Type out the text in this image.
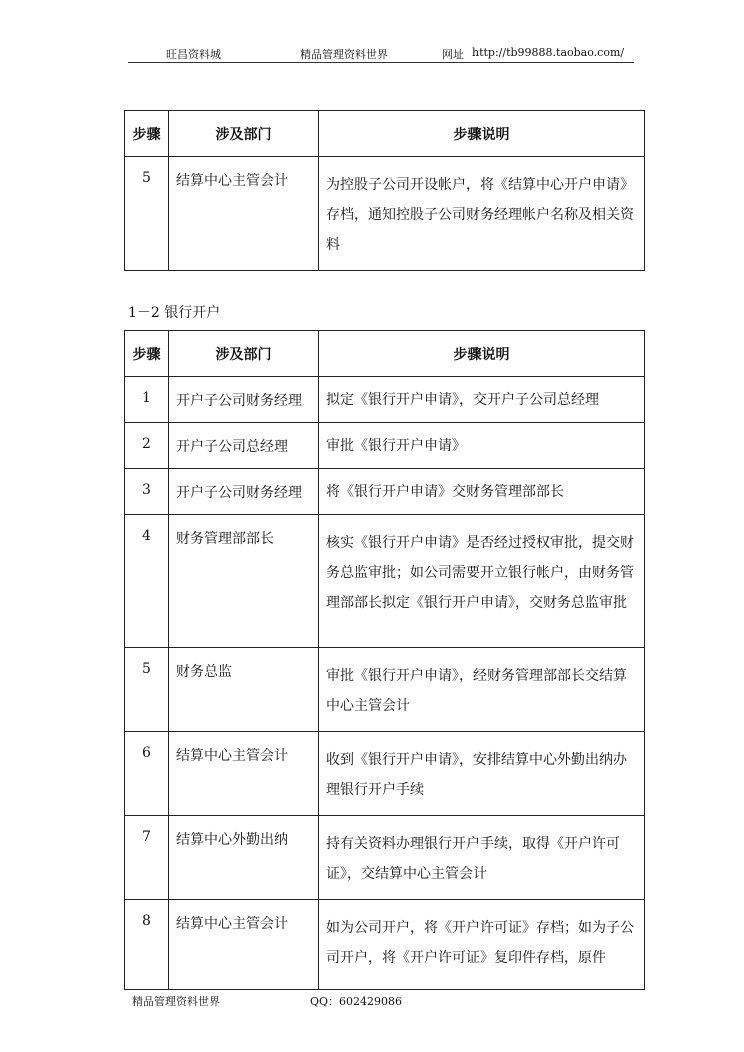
旺昌资料城	精品管理资料世界	网址 http://tb99888.taobao.com/
步骤	涉及部门	步骤说明
5	结算中心主管会计	为控股子公司开设帐户，将《结算中心开户申请》存档，通知控股子公司财务经理帐户名称及相关资料
1－2 银行开户
步骤	涉及部门	步骤说明
1	开户子公司财务经理	拟定《银行开户申请》，交开户子公司总经理
2	开户子公司总经理	审批《银行开户申请》
3	开户子公司财务经理	将《银行开户申请》交财务管理部部长
4	财务管理部部长	核实《银行开户申请》是否经过授权审批，提交财务总监审批；如公司需要开立银行帐户，由财务管理部部长拟定《银行开户申请》，交财务总监审批
5	财务总监	审批《银行开户申请》，经财务管理部部长交结算中心主管会计
6	结算中心主管会计	收到《银行开户申请》，安排结算中心外勤出纳办理银行开户手续
7	结算中心外勤出纳	持有关资料办理银行开户手续，取得《开户许可证》，交结算中心主管会计
8	结算中心主管会计	如为公司开户，将《开户许可证》存档；如为子公司开户，将《开户许可证》复印件存档，原件
精品管理资料世界	QQ：602429086
